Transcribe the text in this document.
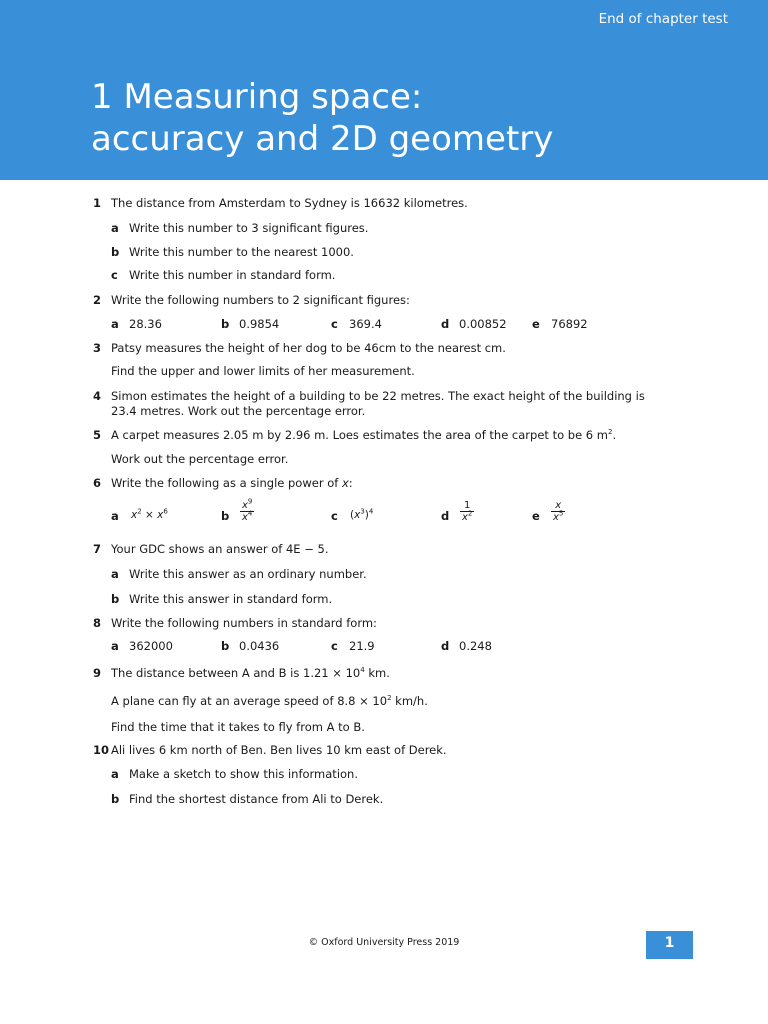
End of chapter test
1 Measuring space:
accuracy and 2D geometry
1 The distance from Amsterdam to Sydney is 16632 kilometres.
a Write this number to 3 significant figures.
b Write this number to the nearest 1000.
c Write this number in standard form.
2 Write the following numbers to 2 significant figures:
a 28.36	b 0.9854	c 369.4	d 0.00852 e 76892
3 Patsy measures the height of her dog to be 46cm to the nearest cm.
Find the upper and lower limits of her measurement.
4 Simon estimates the height of a building to be 22 metres. The exact height of the building is
23.4 metres. Work out the percentage error.
5 A carpet measures 2.05 m by 2.96 m. Loes estimates the area of the carpet to be 6 $m^2$.
Work out the percentage error.
6 Write the following as a single power of x:
a $x^2 \times x^6$	b $\frac{x^9}{x^4}$	c $(x^3)^4$	d $\frac{1}{x^2}$	e $\frac{x}{x^5}$
7 Your GDC shows an answer of 4E − 5.
a Write this answer as an ordinary number.
b Write this answer in standard form.
8 Write the following numbers in standard form:
a 362000	b 0.0436	c 21.9	d 0.248
9 The distance between A and B is $1.21 \times 10^4$ km.
A plane can fly at an average speed of $8.8 \times 10^2$ km/h.
Find the time that it takes to fly from A to B.
10 Ali lives 6 km north of Ben. Ben lives 10 km east of Derek.
a Make a sketch to show this information.
b Find the shortest distance from Ali to Derek.
© Oxford University Press 2019	1
